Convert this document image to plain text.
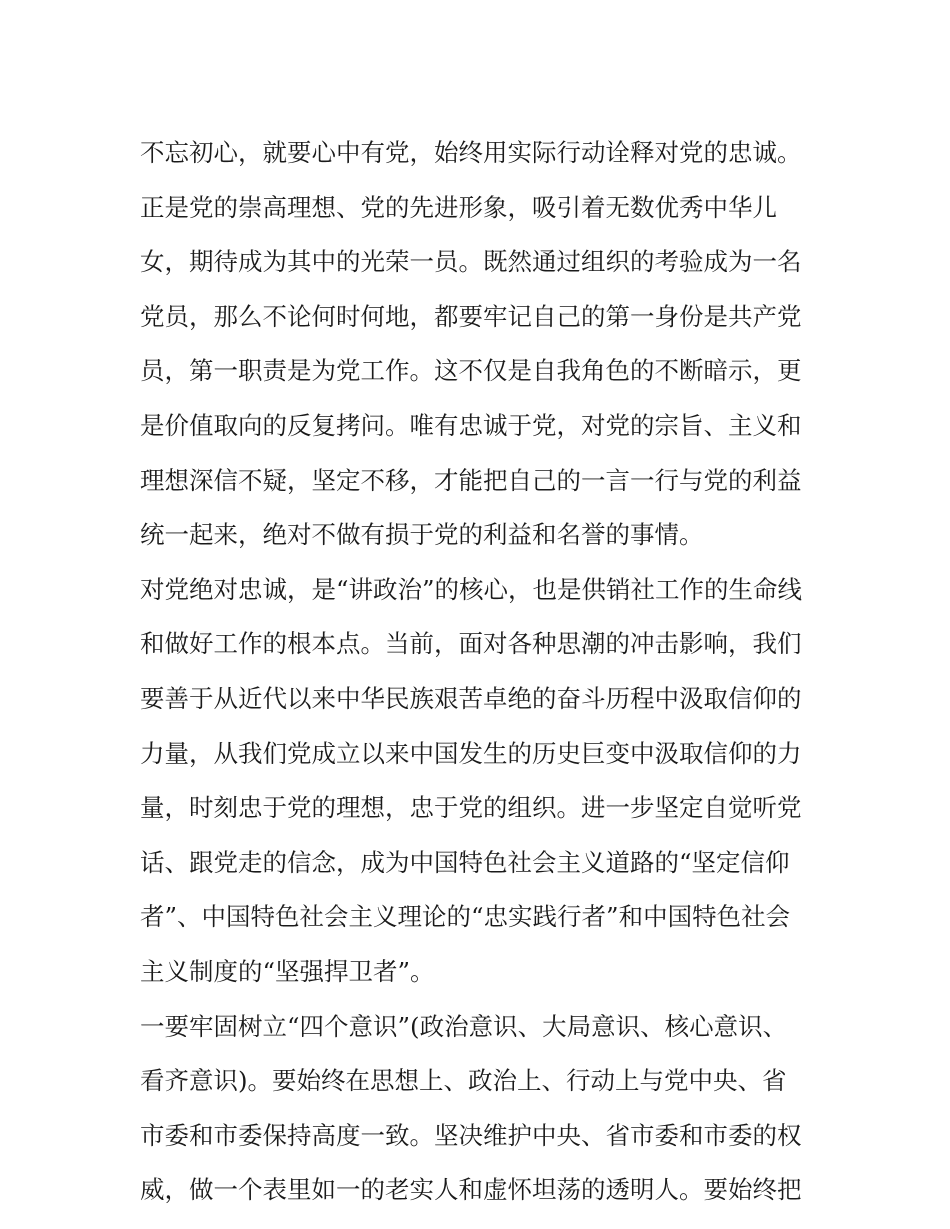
不忘初心，就要心中有党，始终用实际行动诠释对党的忠诚。
正是党的崇高理想、党的先进形象，吸引着无数优秀中华儿
女，期待成为其中的光荣一员。既然通过组织的考验成为一名
党员，那么不论何时何地，都要牢记自己的第一身份是共产党
员，第一职责是为党工作。这不仅是自我角色的不断暗示，更
是价值取向的反复拷问。唯有忠诚于党，对党的宗旨、主义和
理想深信不疑，坚定不移，才能把自己的一言一行与党的利益
统一起来，绝对不做有损于党的利益和名誉的事情。
对党绝对忠诚，是“讲政治”的核心，也是供销社工作的生命线
和做好工作的根本点。当前，面对各种思潮的冲击影响，我们
要善于从近代以来中华民族艰苦卓绝的奋斗历程中汲取信仰的
力量，从我们党成立以来中国发生的历史巨变中汲取信仰的力
量，时刻忠于党的理想，忠于党的组织。进一步坚定自觉听党
话、跟党走的信念，成为中国特色社会主义道路的“坚定信仰
者”、中国特色社会主义理论的“忠实践行者”和中国特色社会
主义制度的“坚强捍卫者”。
一要牢固树立“四个意识”(政治意识、大局意识、核心意识、
看齐意识)。要始终在思想上、政治上、行动上与党中央、省
市委和市委保持高度一致。坚决维护中央、省市委和市委的权
威，做一个表里如一的老实人和虚怀坦荡的透明人。要始终把
